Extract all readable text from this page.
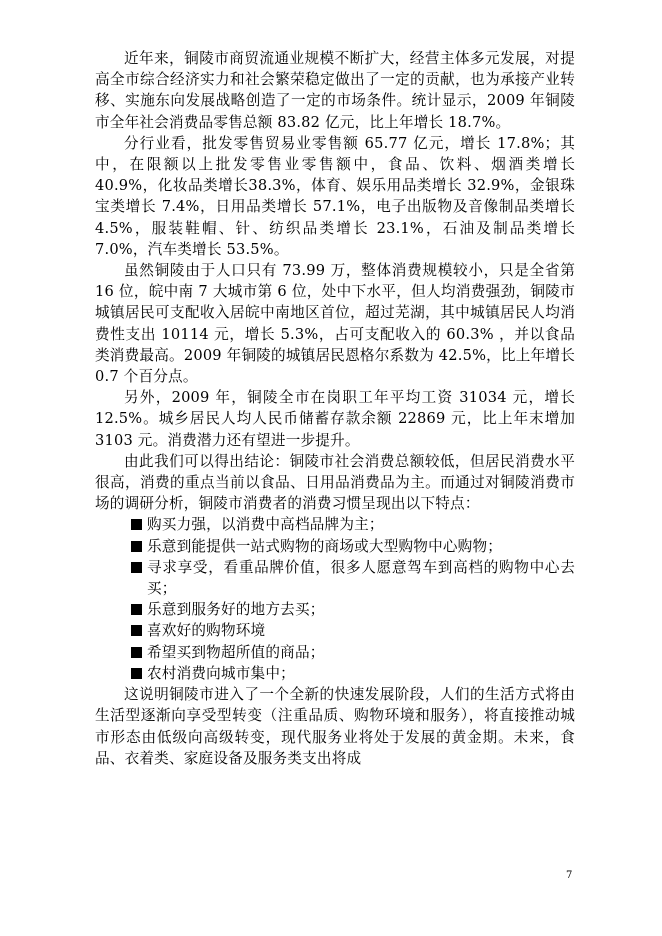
近年来，铜陵市商贸流通业规模不断扩大，经营主体多元发展，对提高全市综合经济实力和社会繁荣稳定做出了一定的贡献，也为承接产业转移、实施东向发展战略创造了一定的市场条件。统计显示，2009 年铜陵市全年社会消费品零售总额 83.82 亿元，比上年增长 18.7%。

分行业看，批发零售贸易业零售额 65.77 亿元，增长 17.8%；其中，在限额以上批发零售业零售额中，食品、饮料、烟酒类增长 40.9%，化妆品类增长38.3%，体育、娱乐用品类增长 32.9%，金银珠宝类增长 7.4%，日用品类增长 57.1%，电子出版物及音像制品类增长 4.5%，服装鞋帽、针、纺织品类增长 23.1%，石油及制品类增长 7.0%，汽车类增长 53.5%。

虽然铜陵由于人口只有 73.99 万，整体消费规模较小，只是全省第 16 位，皖中南 7 大城市第 6 位，处中下水平，但人均消费强劲，铜陵市城镇居民可支配收入居皖中南地区首位，超过芜湖，其中城镇居民人均消费性支出 10114 元，增长 5.3%，占可支配收入的 60.3% ，并以食品类消费最高。2009 年铜陵的城镇居民恩格尔系数为 42.5%，比上年增长 0.7 个百分点。

另外，2009 年，铜陵全市在岗职工年平均工资 31034 元，增长 12.5%。城乡居民人均人民币储蓄存款余额 22869 元，比上年末增加 3103 元。消费潜力还有望进一步提升。

由此我们可以得出结论：铜陵市社会消费总额较低，但居民消费水平很高，消费的重点当前以食品、日用品消费品为主。而通过对铜陵消费市场的调研分析，铜陵市消费者的消费习惯呈现出以下特点：

购买力强，以消费中高档品牌为主；
乐意到能提供一站式购物的商场或大型购物中心购物；
寻求享受，看重品牌价值，很多人愿意驾车到高档的购物中心去买；
乐意到服务好的地方去买；
喜欢好的购物环境
希望买到物超所值的商品；
农村消费向城市集中；

这说明铜陵市进入了一个全新的快速发展阶段，人们的生活方式将由生活型逐渐向享受型转变（注重品质、购物环境和服务），将直接推动城市形态由低级向高级转变，现代服务业将处于发展的黄金期。未来，食品、衣着类、家庭设备及服务类支出将成

7
